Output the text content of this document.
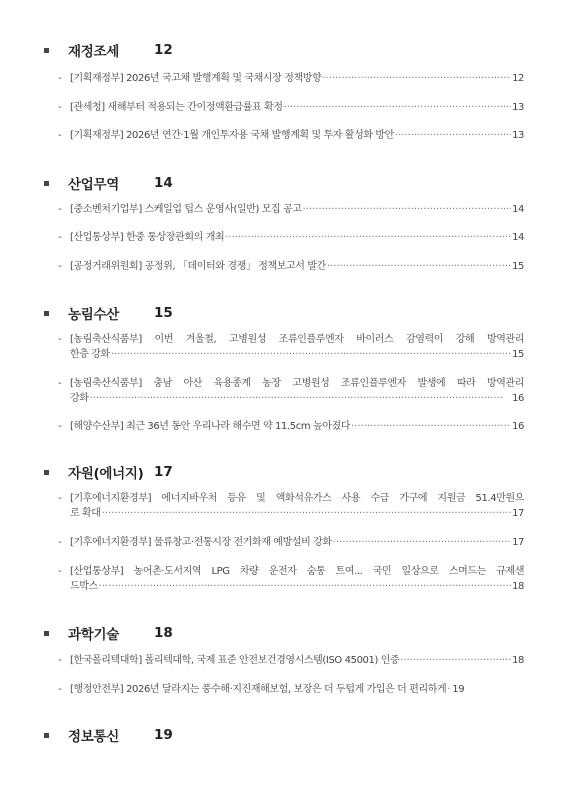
재정조세	12
- [기획재정부] 2026년 국고채 발행계획 및 국채시장 정책방향 ·····	12
- [관세청] 새해부터 적용되는 간이정액환급률표 확정 ·····	13
- [기획재정부] 2026년 연간·1월 개인투자용 국채 발행계획 및 투자 활성화 방안 ·····	13
산업무역	14
- [중소벤처기업부] 스케일업 팁스 운영사(일반) 모집 공고 ·····	14
- [산업통상부] 한중 통상장관회의 개최 ·····	14
- [공정거래위원회] 공정위, 「데이터와 경쟁」 정책보고서 발간 ·····	15
농림수산	15
- [농림축산식품부] 이번 겨울철, 고병원성 조류인플루엔자 바이러스 감염력이 강해 방역관리
한층 강화 ·····	15
- [농림축산식품부] 충남 아산 육용종계 농장 고병원성 조류인플루엔자 발생에 따라 방역관리
강화 ·····	16
- [해양수산부] 최근 36년 동안 우리나라 해수면 약 11.5cm 높아졌다 ·····	16
자원(에너지) 17
- [기후에너지환경부] 에너지바우처 등유 및 액화석유가스 사용 수급 가구에 지원금 51.4만원으
로 확대 ·····	17
- [기후에너지환경부] 물류창고·전통시장 전기화재 예방설비 강화 ·····	17
- [산업통상부] 농어촌·도서지역 LPG 차량 운전자 숨통 트여... 국민 일상으로 스며드는 규제샌
드박스 ·····	18
과학기술	18
- [한국폴리텍대학] 폴리텍대학, 국제 표준 안전보건경영시스템(ISO 45001) 인증 ·····	18
- [행정안전부] 2026년 달라지는 풍수해·지진재해보험, 보장은 더 두텁게 가입은 더 편리하게 ····· 19
정보통신	19
